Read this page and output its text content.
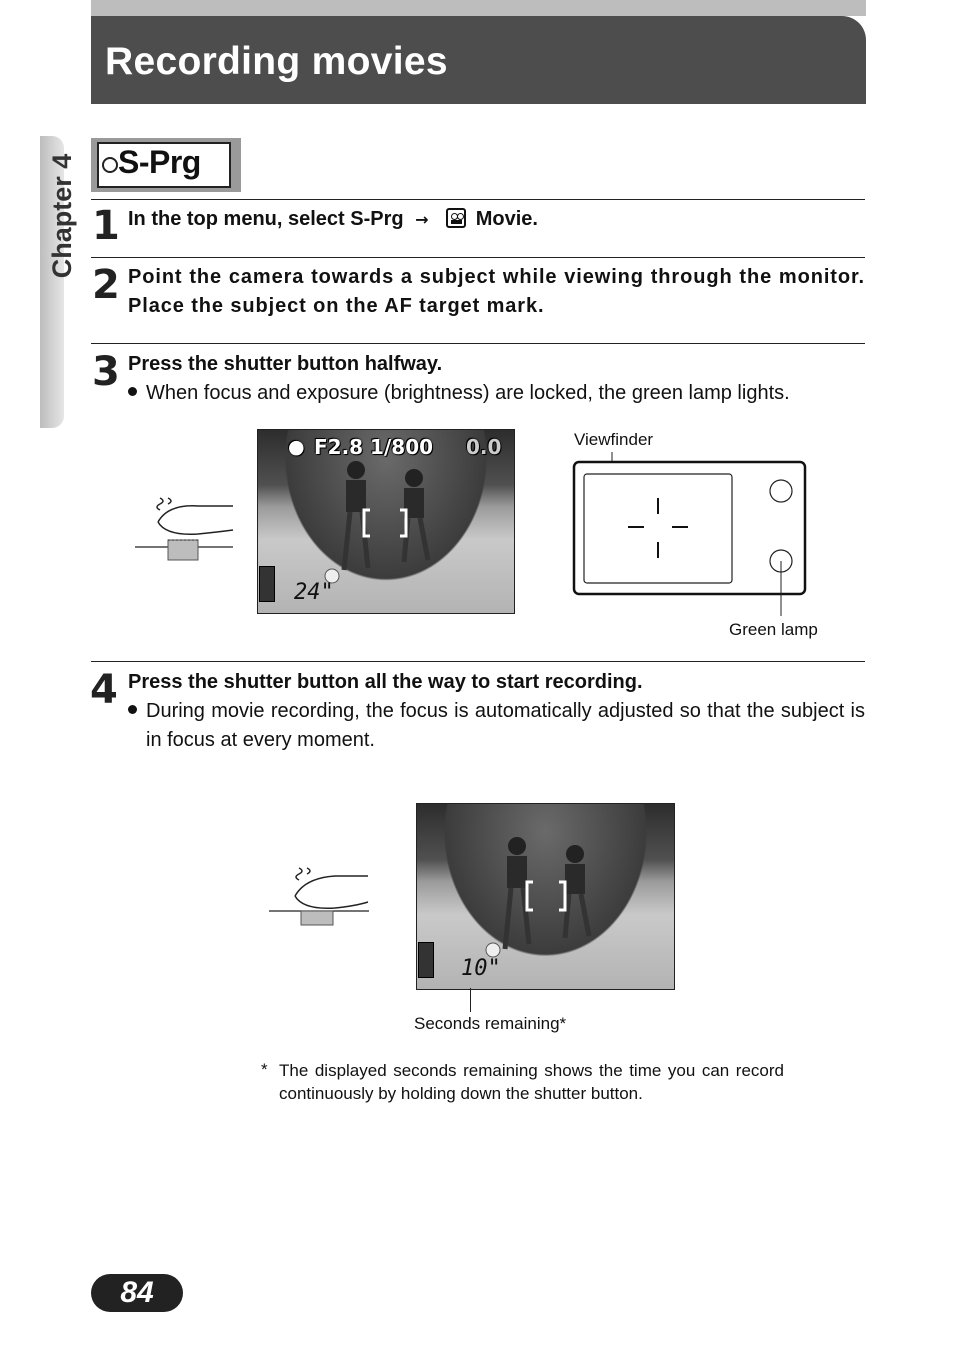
Recording movies
Chapter 4 S-Prg
1 In the top menu, select S-Prg → Movie.
2 Point the camera towards a subject while viewing through the monitor. Place the subject on the AF target mark.
3 Press the shutter button halfway.
When focus and exposure (brightness) are locked, the green lamp lights.
● F2.8 1/800 0.0
24"
Viewfinder
Green lamp
4 Press the shutter button all the way to start recording.
During movie recording, the focus is automatically adjusted so that the subject is in focus at every moment.
10"
Seconds remaining*
* The displayed seconds remaining shows the time you can record continuously by holding down the shutter button.
84
